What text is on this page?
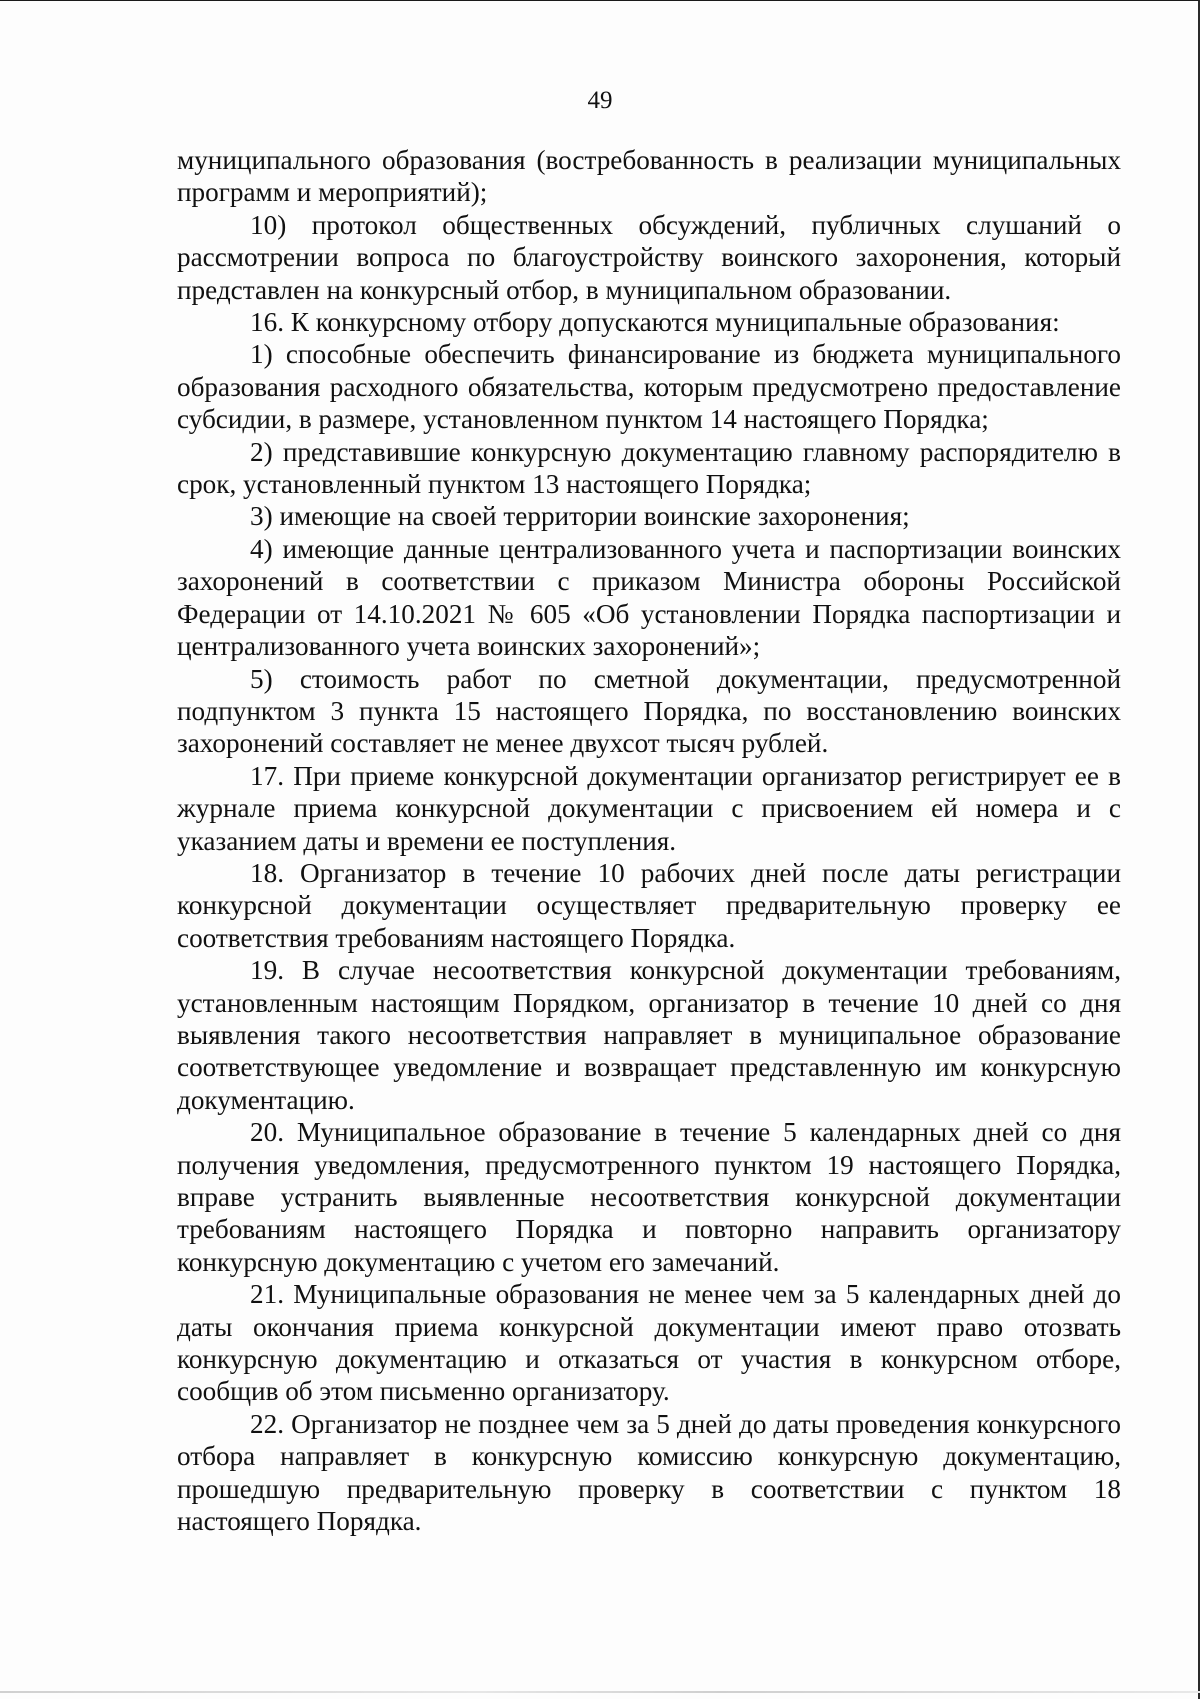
49

муниципального образования (востребованность в реализации муниципальных программ и мероприятий);

10) протокол общественных обсуждений, публичных слушаний о рассмотрении вопроса по благоустройству воинского захоронения, который представлен на конкурсный отбор, в муниципальном образовании.

16. К конкурсному отбору допускаются муниципальные образования:

1) способные обеспечить финансирование из бюджета муниципального образования расходного обязательства, которым предусмотрено предоставление субсидии, в размере, установленном пунктом 14 настоящего Порядка;

2) представившие конкурсную документацию главному распорядителю в срок, установленный пунктом 13 настоящего Порядка;

3) имеющие на своей территории воинские захоронения;

4) имеющие данные централизованного учета и паспортизации воинских захоронений в соответствии с приказом Министра обороны Российской Федерации от 14.10.2021 № 605 «Об установлении Порядка паспортизации и централизованного учета воинских захоронений»;

5) стоимость работ по сметной документации, предусмотренной подпунктом 3 пункта 15 настоящего Порядка, по восстановлению воинских захоронений составляет не менее двухсот тысяч рублей.

17. При приеме конкурсной документации организатор регистрирует ее в журнале приема конкурсной документации с присвоением ей номера и с указанием даты и времени ее поступления.

18. Организатор в течение 10 рабочих дней после даты регистрации конкурсной документации осуществляет предварительную проверку ее соответствия требованиям настоящего Порядка.

19. В случае несоответствия конкурсной документации требованиям, установленным настоящим Порядком, организатор в течение 10 дней со дня выявления такого несоответствия направляет в муниципальное образование соответствующее уведомление и возвращает представленную им конкурсную документацию.

20. Муниципальное образование в течение 5 календарных дней со дня получения уведомления, предусмотренного пунктом 19 настоящего Порядка, вправе устранить выявленные несоответствия конкурсной документации требованиям настоящего Порядка и повторно направить организатору конкурсную документацию с учетом его замечаний.

21. Муниципальные образования не менее чем за 5 календарных дней до даты окончания приема конкурсной документации имеют право отозвать конкурсную документацию и отказаться от участия в конкурсном отборе, сообщив об этом письменно организатору.

22. Организатор не позднее чем за 5 дней до даты проведения конкурсного отбора направляет в конкурсную комиссию конкурсную документацию, прошедшую предварительную проверку в соответствии с пунктом 18 настоящего Порядка.
